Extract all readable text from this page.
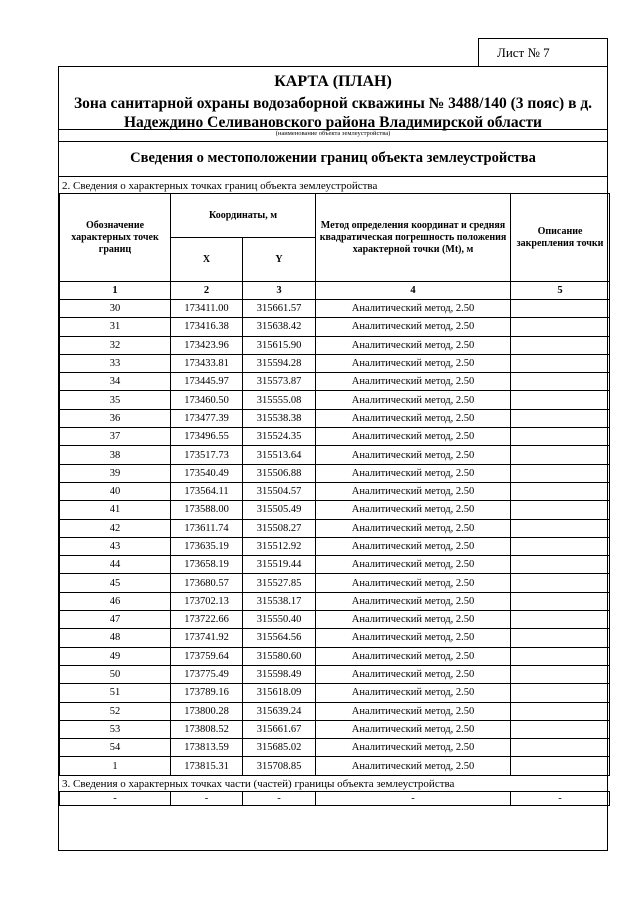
Лист № 7
КАРТА (ПЛАН)
Зона санитарной охраны водозаборной скважины № 3488/140 (3 пояс) в д. Надеждино Селивановского района Владимирской области
(наименование объекта землеустройства)
Сведения о местоположении границ объекта землеустройства
2. Сведения о характерных точках границ объекта землеустройства
Обозначение характерных точек границ	Координаты, м		Метод определения координат и средняя квадратическая погрешность положения характерной точки (Mt), м	Описание закрепления точки
	X	Y		
1	2	3	4	5
30	173411.00	315661.57	Аналитический метод, 2.50	
31	173416.38	315638.42	Аналитический метод, 2.50	
32	173423.96	315615.90	Аналитический метод, 2.50	
33	173433.81	315594.28	Аналитический метод, 2.50	
34	173445.97	315573.87	Аналитический метод, 2.50	
35	173460.50	315555.08	Аналитический метод, 2.50	
36	173477.39	315538.38	Аналитический метод, 2.50	
37	173496.55	315524.35	Аналитический метод, 2.50	
38	173517.73	315513.64	Аналитический метод, 2.50	
39	173540.49	315506.88	Аналитический метод, 2.50	
40	173564.11	315504.57	Аналитический метод, 2.50	
41	173588.00	315505.49	Аналитический метод, 2.50	
42	173611.74	315508.27	Аналитический метод, 2.50	
43	173635.19	315512.92	Аналитический метод, 2.50	
44	173658.19	315519.44	Аналитический метод, 2.50	
45	173680.57	315527.85	Аналитический метод, 2.50	
46	173702.13	315538.17	Аналитический метод, 2.50	
47	173722.66	315550.40	Аналитический метод, 2.50	
48	173741.92	315564.56	Аналитический метод, 2.50	
49	173759.64	315580.60	Аналитический метод, 2.50	
50	173775.49	315598.49	Аналитический метод, 2.50	
51	173789.16	315618.09	Аналитический метод, 2.50	
52	173800.28	315639.24	Аналитический метод, 2.50	
53	173808.52	315661.67	Аналитический метод, 2.50	
54	173813.59	315685.02	Аналитический метод, 2.50	
1	173815.31	315708.85	Аналитический метод, 2.50	
3. Сведения о характерных точках части (частей) границы объекта землеустройства
-	-	-	-	-
